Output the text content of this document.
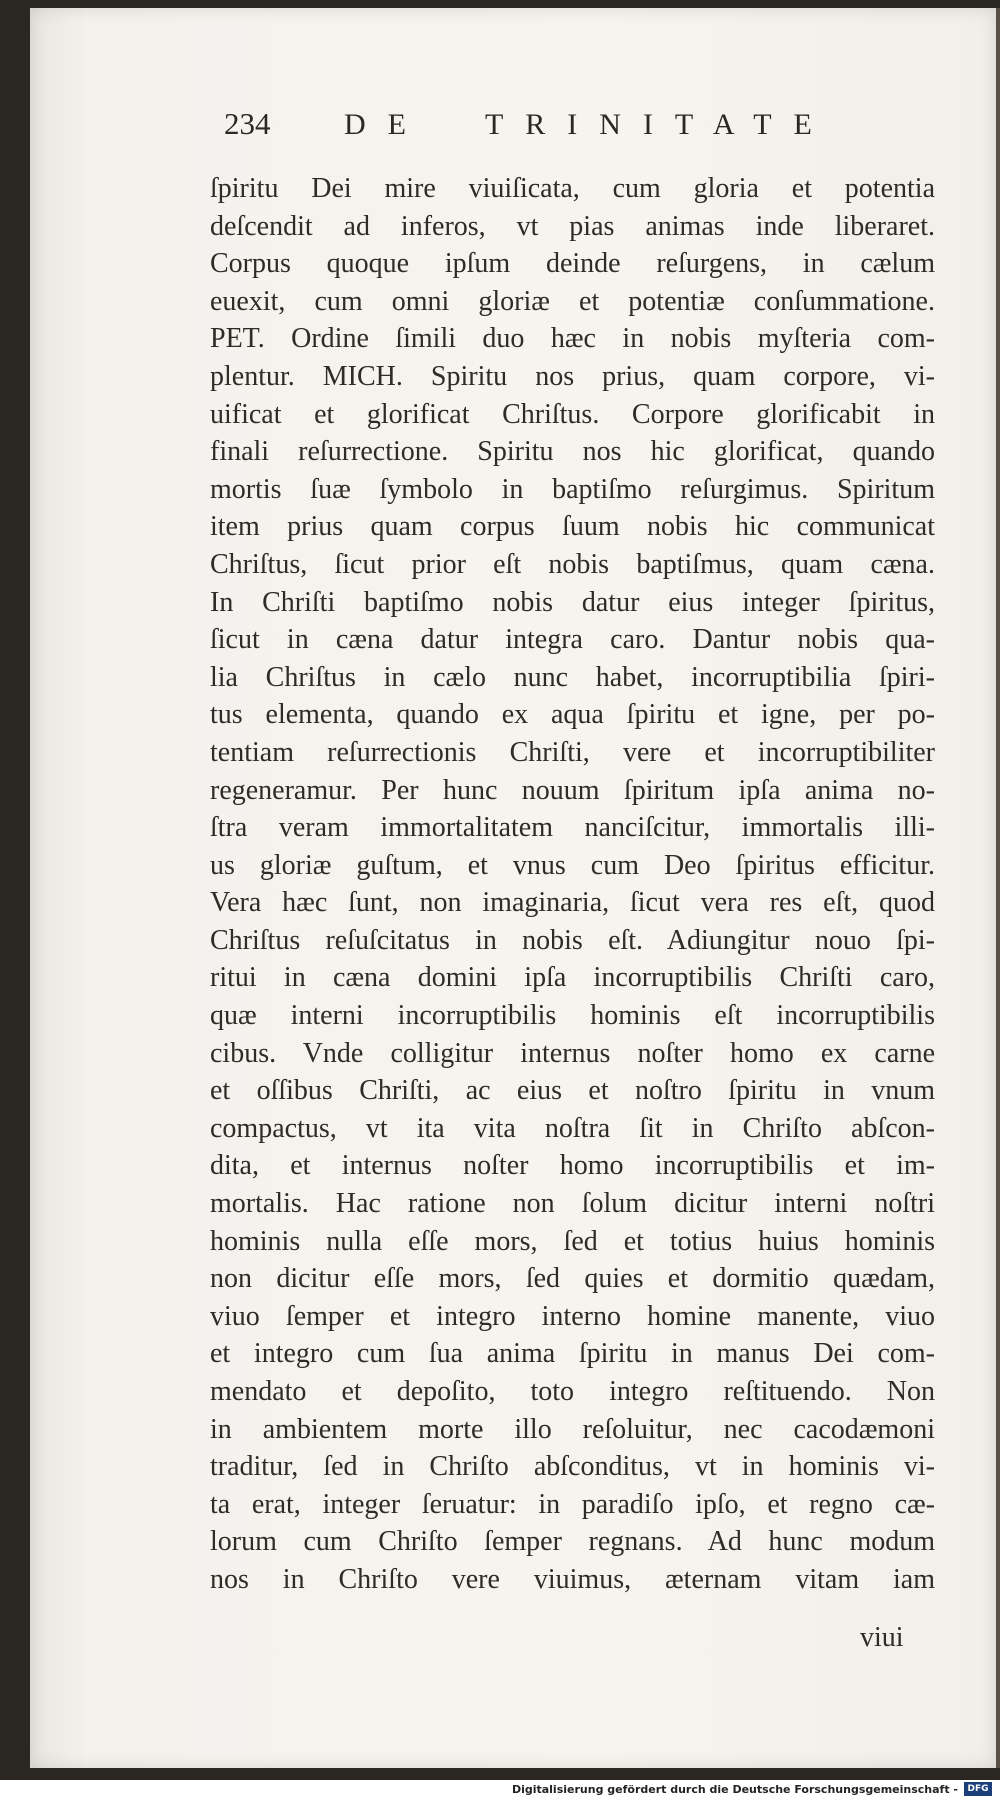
234	DE TRINITATE
ſpiritu Dei mire viuiſicata, cum gloria et potentia
deſcendit ad inferos, vt pias animas inde liberaret.
Corpus quoque ipſum deinde reſurgens, in cælum
euexit, cum omni gloriæ et potentiæ conſummatione.
PET. Ordine ſimili duo hæc in nobis myſteria com-
plentur. MICH. Spiritu nos prius, quam corpore, vi-
uificat et glorificat Chriſtus. Corpore glorificabit in
finali reſurrectione. Spiritu nos hic glorificat, quando
mortis ſuæ ſymbolo in baptiſmo reſurgimus. Spiritum
item prius quam corpus ſuum nobis hic communicat
Chriſtus, ſicut prior eſt nobis baptiſmus, quam cæna.
In Chriſti baptiſmo nobis datur eius integer ſpiritus,
ſicut in cæna datur integra caro. Dantur nobis qua-
lia Chriſtus in cælo nunc habet, incorruptibilia ſpiri-
tus elementa, quando ex aqua ſpiritu et igne, per po-
tentiam reſurrectionis Chriſti, vere et incorruptibiliter
regeneramur. Per hunc nouum ſpiritum ipſa anima no-
ſtra veram immortalitatem nanciſcitur, immortalis illi-
us gloriæ guſtum, et vnus cum Deo ſpiritus efficitur.
Vera hæc ſunt, non imaginaria, ſicut vera res eſt, quod
Chriſtus reſuſcitatus in nobis eſt. Adiungitur nouo ſpi-
ritui in cæna domini ipſa incorruptibilis Chriſti caro,
quæ interni incorruptibilis hominis eſt incorruptibilis
cibus. Vnde colligitur internus noſter homo ex carne
et oſſibus Chriſti, ac eius et noſtro ſpiritu in vnum
compactus, vt ita vita noſtra ſit in Chriſto abſcon-
dita, et internus noſter homo incorruptibilis et im-
mortalis. Hac ratione non ſolum dicitur interni noſtri
hominis nulla eſſe mors, ſed et totius huius hominis
non dicitur eſſe mors, ſed quies et dormitio quædam,
viuo ſemper et integro interno homine manente, viuo
et integro cum ſua anima ſpiritu in manus Dei com-
mendato et depoſito, toto integro reſtituendo. Non
in ambientem morte illo reſoluitur, nec cacodæmoni
traditur, ſed in Chriſto abſconditus, vt in hominis vi-
ta erat, integer ſeruatur: in paradiſo ipſo, et regno cæ-
lorum cum Chriſto ſemper regnans. Ad hunc modum
nos in Chriſto vere viuimus, æternam vitam iam
viui
Digitalisierung gefördert durch die Deutsche Forschungsgemeinschaft -	DFG
